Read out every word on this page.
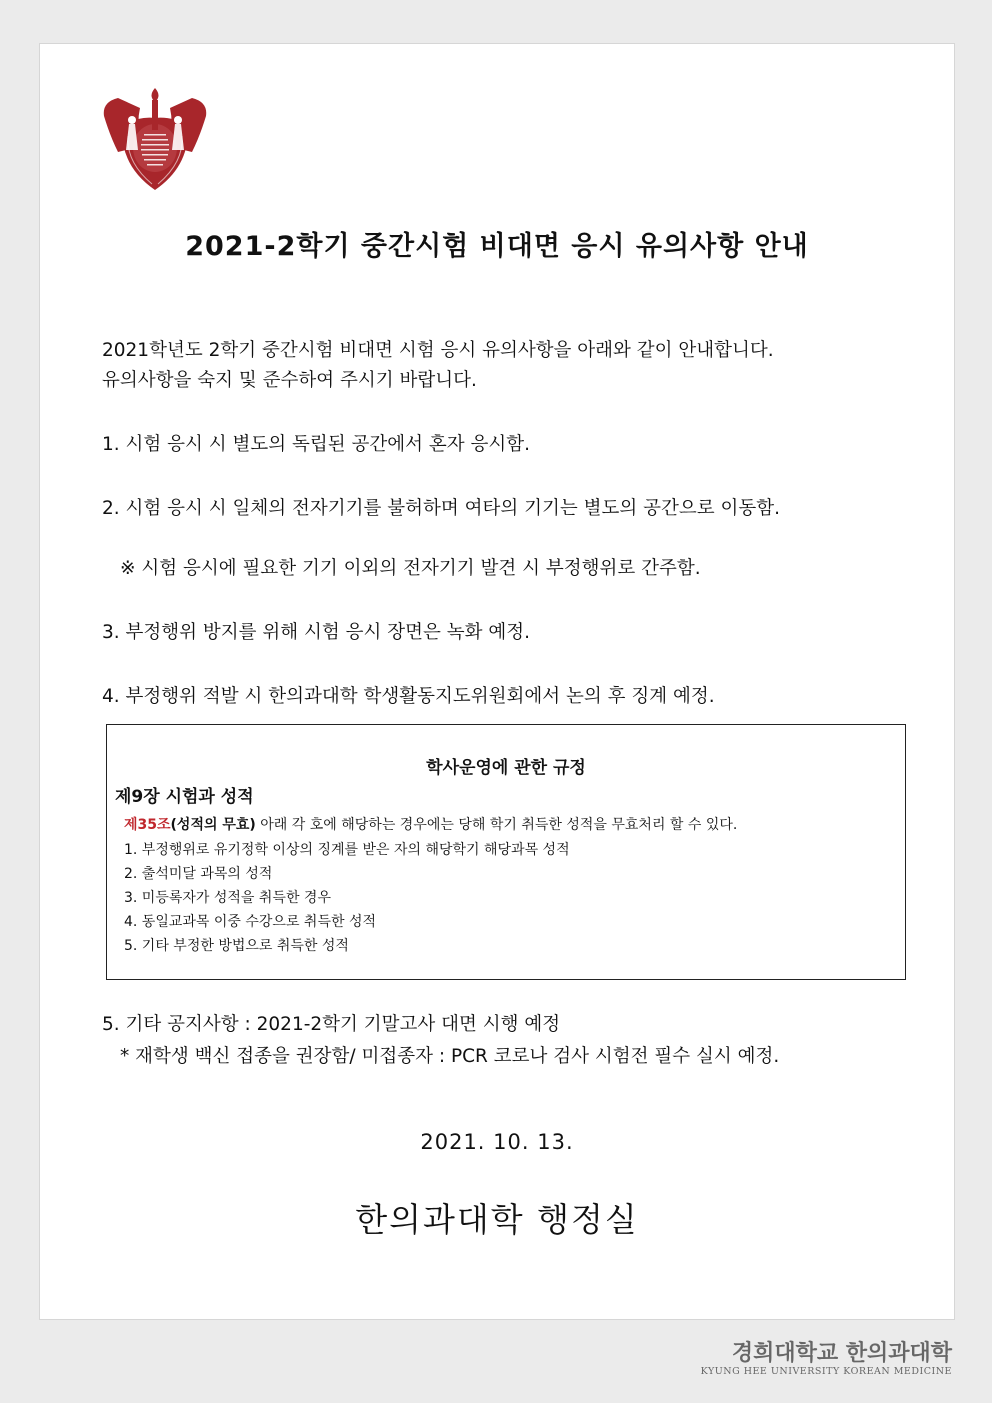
2021-2학기 중간시험 비대면 응시 유의사항 안내
2021학년도 2학기 중간시험 비대면 시험 응시 유의사항을 아래와 같이 안내합니다.
유의사항을 숙지 및 준수하여 주시기 바랍니다.
1. 시험 응시 시 별도의 독립된 공간에서 혼자 응시함.
2. 시험 응시 시 일체의 전자기기를 불허하며 여타의 기기는 별도의 공간으로 이동함.
※ 시험 응시에 필요한 기기 이외의 전자기기 발견 시 부정행위로 간주함.
3. 부정행위 방지를 위해 시험 응시 장면은 녹화 예정.
4. 부정행위 적발 시 한의과대학 학생활동지도위원회에서 논의 후 징계 예정.
학사운영에 관한 규정
제9장 시험과 성적
제35조(성적의 무효) 아래 각 호에 해당하는 경우에는 당해 학기 취득한 성적을 무효처리 할 수 있다.
1. 부정행위로 유기정학 이상의 징계를 받은 자의 해당학기 해당과목 성적
2. 출석미달 과목의 성적
3. 미등록자가 성적을 취득한 경우
4. 동일교과목 이중 수강으로 취득한 성적
5. 기타 부정한 방법으로 취득한 성적
5. 기타 공지사항 : 2021-2학기 기말고사 대면 시행 예정
* 재학생 백신 접종을 권장함/ 미접종자 : PCR 코로나 검사 시험전 필수 실시 예정.
2021. 10. 13.
한의과대학 행정실
경희대학교 한의과대학
KYUNG HEE UNIVERSITY KOREAN MEDICINE
